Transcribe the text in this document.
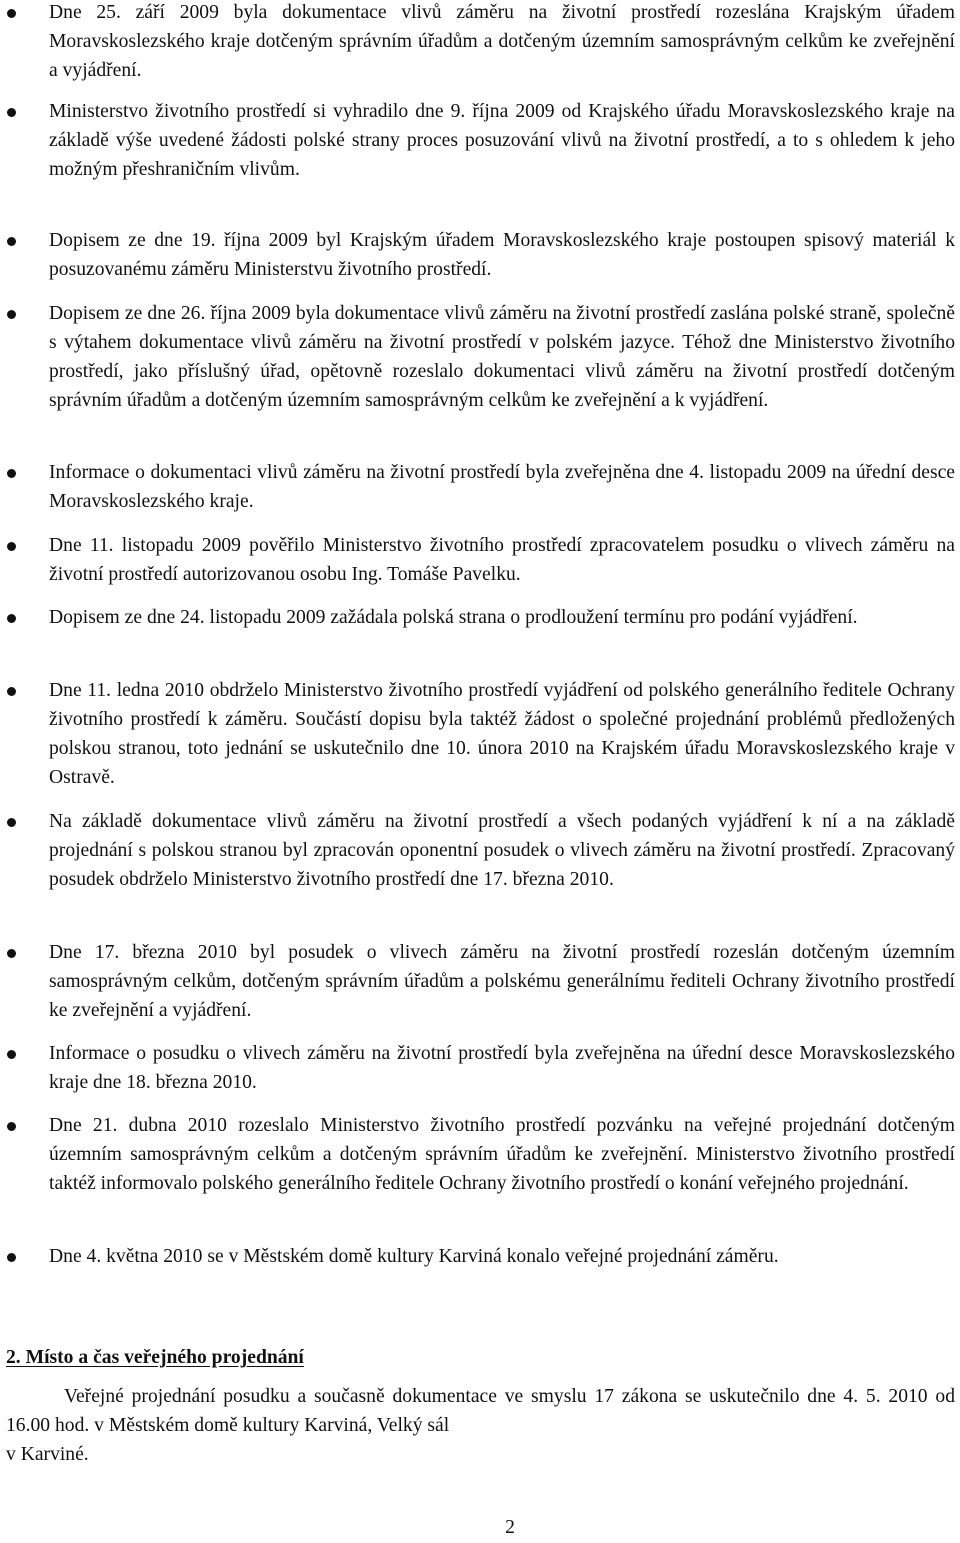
Dne 25. září 2009 byla dokumentace vlivů záměru na životní prostředí rozeslána Krajským úřadem Moravskoslezského kraje dotčeným správním úřadům a dotčeným územním samosprávným celkům ke zveřejnění a vyjádření.
Ministerstvo životního prostředí si vyhradilo dne 9. října 2009 od Krajského úřadu Moravskoslezského kraje na základě výše uvedené žádosti polské strany proces posuzování vlivů na životní prostředí, a to s ohledem k jeho možným přeshraničním vlivům.
Dopisem ze dne 19. října 2009 byl Krajským úřadem Moravskoslezského kraje postoupen spisový materiál k posuzovanému záměru Ministerstvu životního prostředí.
Dopisem ze dne 26. října 2009 byla dokumentace vlivů záměru na životní prostředí zaslána polské straně, společně s výtahem dokumentace vlivů záměru na životní prostředí v polském jazyce. Téhož dne Ministerstvo životního prostředí, jako příslušný úřad, opětovně rozeslalo dokumentaci vlivů záměru na životní prostředí dotčeným správním úřadům a dotčeným územním samosprávným celkům ke zveřejnění a k vyjádření.
Informace o dokumentaci vlivů záměru na životní prostředí byla zveřejněna dne 4. listopadu 2009 na úřední desce Moravskoslezského kraje.
Dne 11. listopadu 2009 pověřilo Ministerstvo životního prostředí zpracovatelem posudku o vlivech záměru na životní prostředí autorizovanou osobu Ing. Tomáše Pavelku.
Dopisem ze dne 24. listopadu 2009 zažádala polská strana o prodloužení termínu pro podání vyjádření.
Dne 11. ledna 2010 obdrželo Ministerstvo životního prostředí vyjádření od polského generálního ředitele Ochrany životního prostředí k záměru. Součástí dopisu byla taktéž žádost o společné projednání problémů předložených polskou stranou, toto jednání se uskutečnilo dne 10. února 2010 na Krajském úřadu Moravskoslezského kraje v Ostravě.
Na základě dokumentace vlivů záměru na životní prostředí a všech podaných vyjádření k ní a na základě projednání s polskou stranou byl zpracován oponentní posudek o vlivech záměru na životní prostředí. Zpracovaný posudek obdrželo Ministerstvo životního prostředí dne 17. března 2010.
Dne 17. března 2010 byl posudek o vlivech záměru na životní prostředí rozeslán dotčeným územním samosprávným celkům, dotčeným správním úřadům a polskému generálnímu řediteli Ochrany životního prostředí ke zveřejnění a vyjádření.
Informace o posudku o vlivech záměru na životní prostředí byla zveřejněna na úřední desce Moravskoslezského kraje dne 18. března 2010.
Dne 21. dubna 2010 rozeslalo Ministerstvo životního prostředí pozvánku na veřejné projednání dotčeným územním samosprávným celkům a dotčeným správním úřadům ke zveřejnění. Ministerstvo životního prostředí taktéž informovalo polského generálního ředitele Ochrany životního prostředí o konání veřejného projednání.
Dne 4. května 2010 se v Městském domě kultury Karviná konalo veřejné projednání záměru.
2. Místo a čas veřejného projednání
Veřejné projednání posudku a současně dokumentace ve smyslu 17 zákona se uskutečnilo dne 4. 5. 2010 od 16.00 hod. v Městském domě kultury Karviná, Velký sál
v Karviné.
2
